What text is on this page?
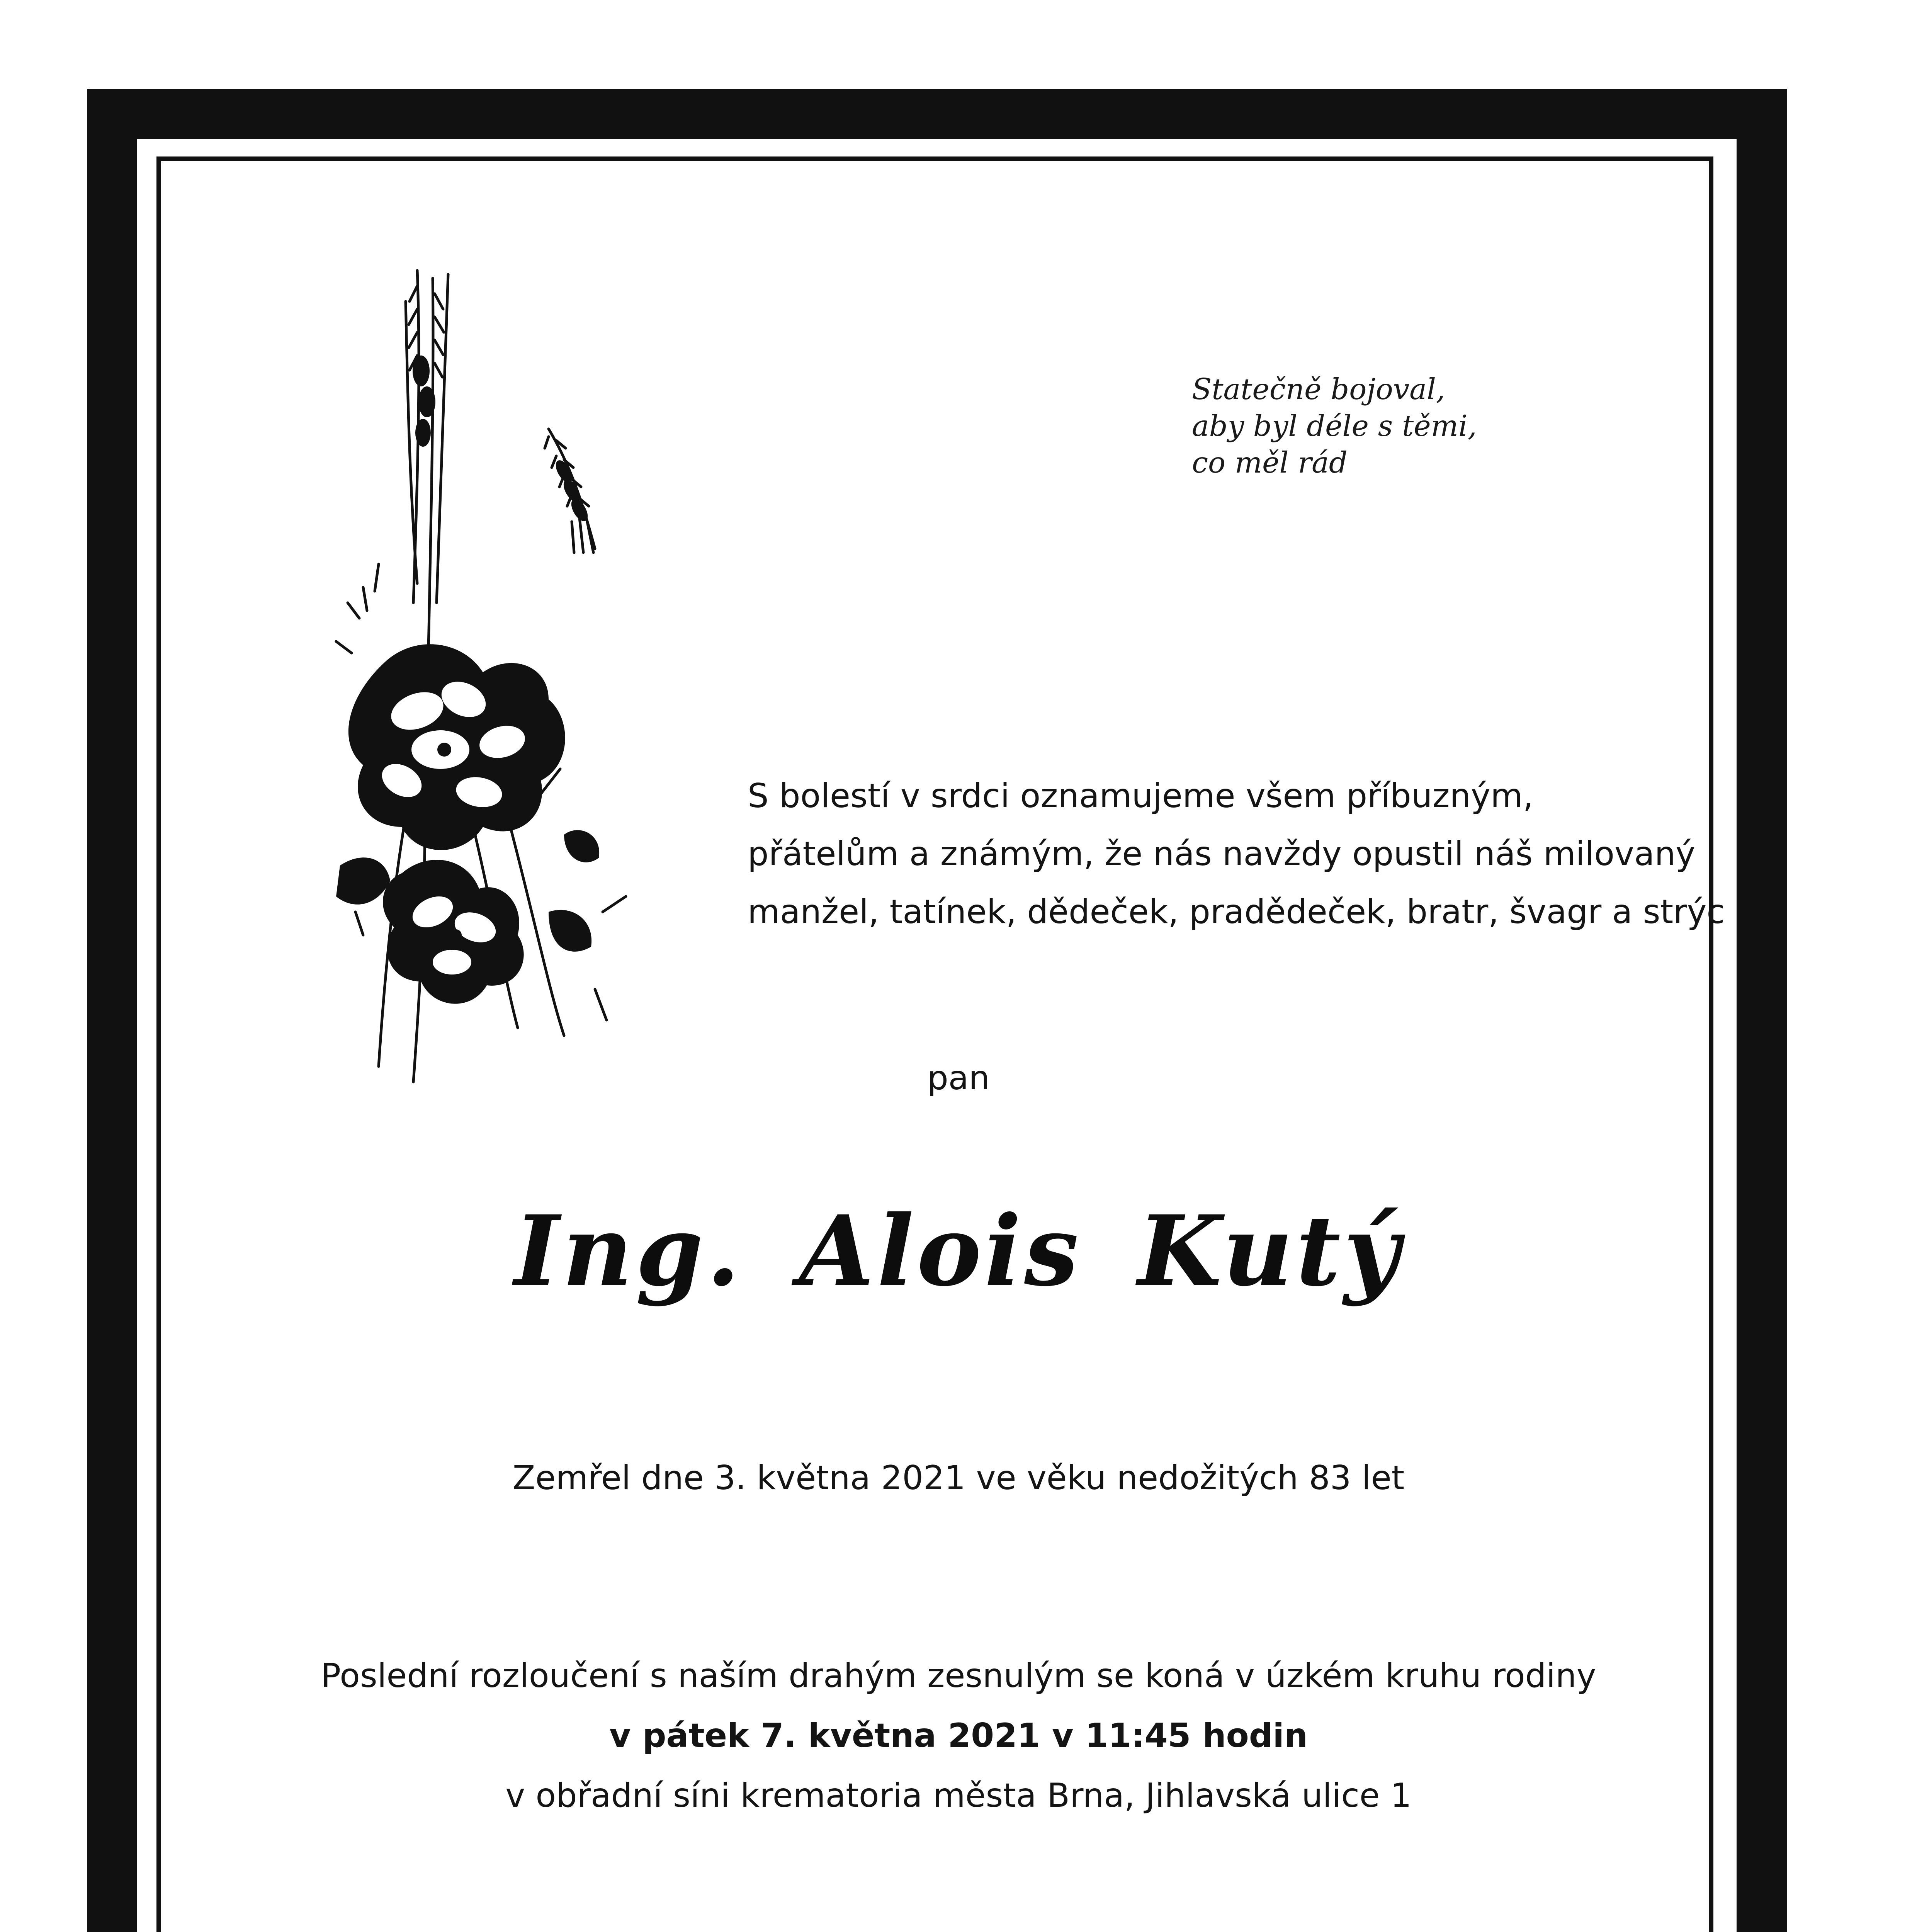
Statečně bojoval,
aby byl déle s těmi,
co měl rád
S bolestí v srdci oznamujeme všem příbuzným,
přátelům a známým, že nás navždy opustil náš milovaný
manžel, tatínek, dědeček, pradědeček, bratr, švagr a strýc
pan
Ing. Alois Kutý
Zemřel dne 3. května 2021 ve věku nedožitých 83 let
Poslední rozloučení s naším drahým zesnulým se koná v úzkém kruhu rodiny
v pátek 7. května 2021 v 11:45 hodin
v obřadní síni krematoria města Brna, Jihlavská ulice 1
